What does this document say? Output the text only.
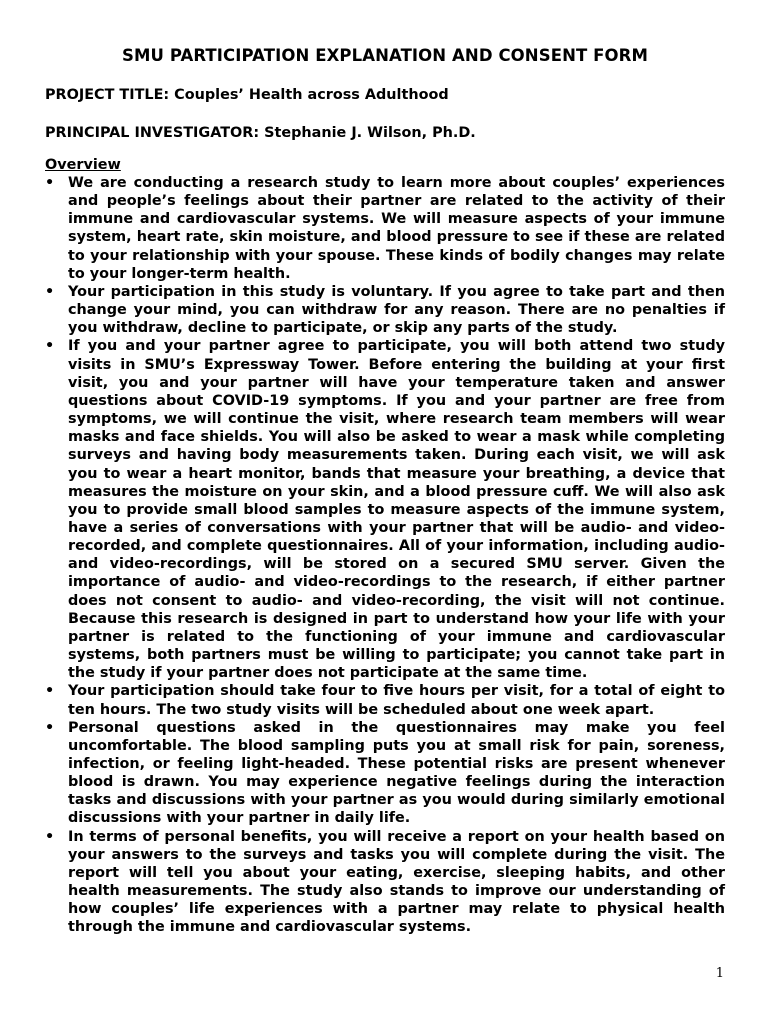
SMU PARTICIPATION EXPLANATION AND CONSENT FORM

PROJECT TITLE: Couples’ Health across Adulthood

PRINCIPAL INVESTIGATOR: Stephanie J. Wilson, Ph.D.

Overview

• We are conducting a research study to learn more about couples’ experiences and people’s feelings about their partner are related to the activity of their immune and cardiovascular systems. We will measure aspects of your immune system, heart rate, skin moisture, and blood pressure to see if these are related to your relationship with your spouse. These kinds of bodily changes may relate to your longer-term health.
• Your participation in this study is voluntary. If you agree to take part and then change your mind, you can withdraw for any reason. There are no penalties if you withdraw, decline to participate, or skip any parts of the study.
• If you and your partner agree to participate, you will both attend two study visits in SMU’s Expressway Tower. Before entering the building at your first visit, you and your partner will have your temperature taken and answer questions about COVID-19 symptoms. If you and your partner are free from symptoms, we will continue the visit, where research team members will wear masks and face shields. You will also be asked to wear a mask while completing surveys and having body measurements taken. During each visit, we will ask you to wear a heart monitor, bands that measure your breathing, a device that measures the moisture on your skin, and a blood pressure cuff. We will also ask you to provide small blood samples to measure aspects of the immune system, have a series of conversations with your partner that will be audio- and video-recorded, and complete questionnaires. All of your information, including audio- and video-recordings, will be stored on a secured SMU server. Given the importance of audio- and video-recordings to the research, if either partner does not consent to audio- and video-recording, the visit will not continue. Because this research is designed in part to understand how your life with your partner is related to the functioning of your immune and cardiovascular systems, both partners must be willing to participate; you cannot take part in the study if your partner does not participate at the same time.
• Your participation should take four to five hours per visit, for a total of eight to ten hours. The two study visits will be scheduled about one week apart.
• Personal questions asked in the questionnaires may make you feel uncomfortable. The blood sampling puts you at small risk for pain, soreness, infection, or feeling light-headed. These potential risks are present whenever blood is drawn. You may experience negative feelings during the interaction tasks and discussions with your partner as you would during similarly emotional discussions with your partner in daily life.
• In terms of personal benefits, you will receive a report on your health based on your answers to the surveys and tasks you will complete during the visit. The report will tell you about your eating, exercise, sleeping habits, and other health measurements. The study also stands to improve our understanding of how couples’ life experiences with a partner may relate to physical health through the immune and cardiovascular systems.
1
